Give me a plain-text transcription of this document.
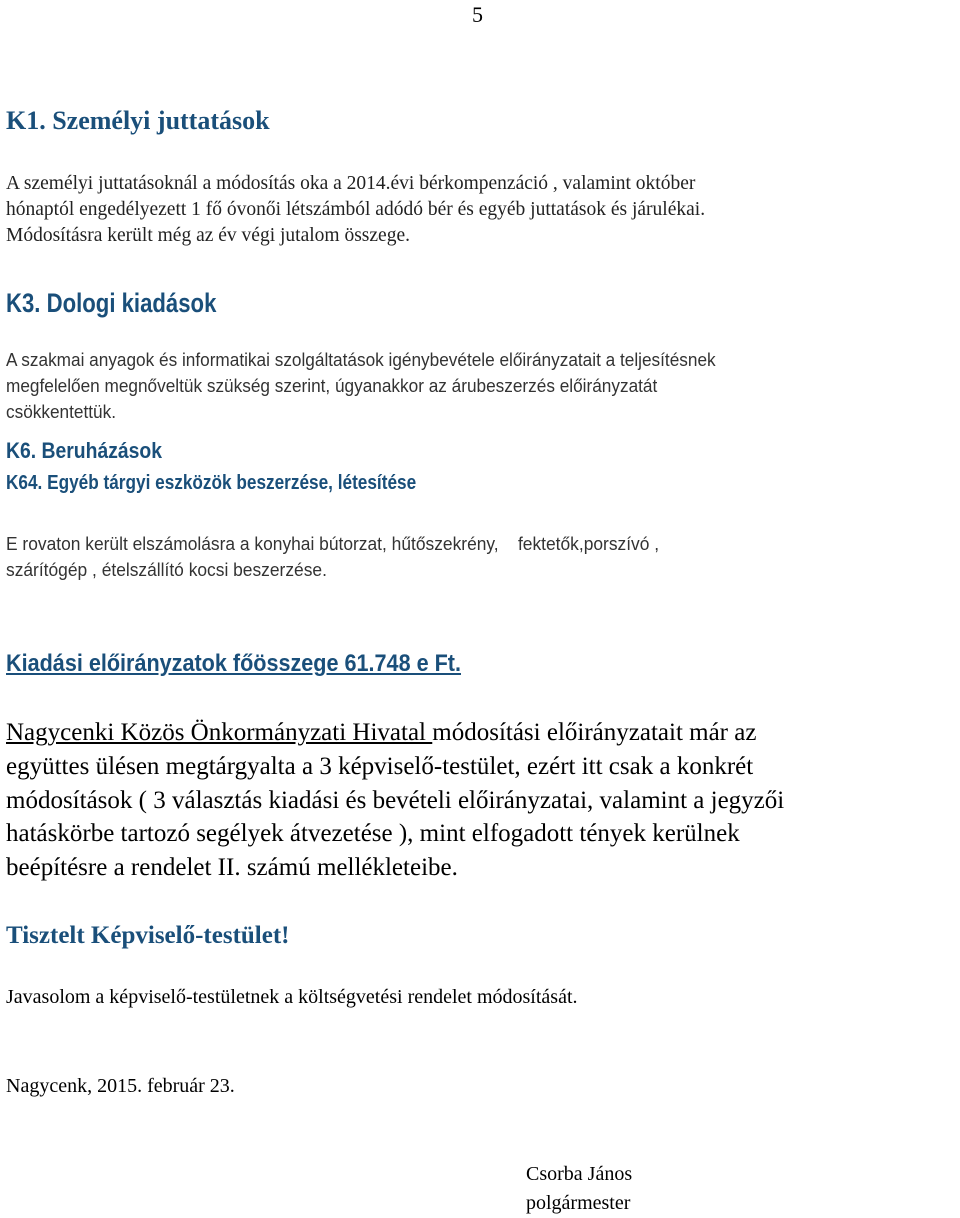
5
K1. Személyi juttatások
A személyi juttatásoknál a módosítás oka a 2014.évi bérkompenzáció , valamint október
hónaptól engedélyezett 1 fő óvonői létszámból adódó bér és egyéb juttatások és járulékai.
Módosításra került még az év végi jutalom összege.
K3. Dologi kiadások
A szakmai anyagok és informatikai szolgáltatások igénybevétele előirányzatait a teljesítésnek
megfelelően megnőveltük szükség szerint, úgyanakkor az árubeszerzés előirányzatát
csökkentettük.
K6. Beruházások
K64. Egyéb tárgyi eszközök beszerzése, létesítése
E rovaton került elszámolásra a konyhai bútorzat, hűtőszekrény,    fektetők,porszívó ,
szárítógép , ételszállító kocsi beszerzése.
Kiadási előirányzatok főösszege 61.748 e Ft.
Nagycenki Közös Önkormányzati Hivatal módosítási előirányzatait már az
együttes ülésen megtárgyalta a 3 képviselő-testület, ezért itt csak a konkrét
módosítások ( 3 választás kiadási és bevételi előirányzatai, valamint a jegyzői
hatáskörbe tartozó segélyek átvezetése ), mint elfogadott tények kerülnek
beépítésre a rendelet II. számú mellékleteibe.
Tisztelt Képviselő-testület!
Javasolom a képviselő-testületnek a költségvetési rendelet módosítását.
Nagycenk, 2015. február 23.
Csorba János
polgármester
